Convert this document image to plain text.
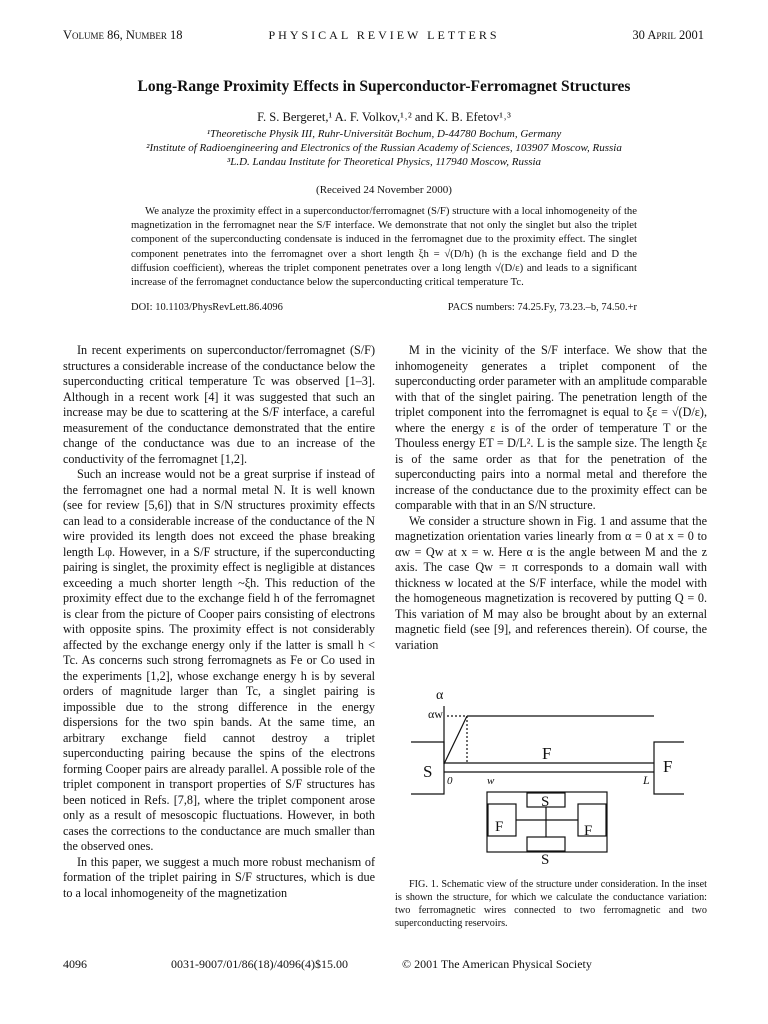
Volume 86, Number 18	PHYSICAL REVIEW LETTERS	30 April 2001
Long-Range Proximity Effects in Superconductor-Ferromagnet Structures
F. S. Bergeret,¹ A. F. Volkov,¹˒² and K. B. Efetov¹˒³
¹Theoretische Physik III, Ruhr-Universität Bochum, D-44780 Bochum, Germany
²Institute of Radioengineering and Electronics of the Russian Academy of Sciences, 103907 Moscow, Russia
³L.D. Landau Institute for Theoretical Physics, 117940 Moscow, Russia
(Received 24 November 2000)
We analyze the proximity effect in a superconductor/ferromagnet (S/F) structure with a local inhomogeneity of the magnetization in the ferromagnet near the S/F interface. We demonstrate that not only the singlet but also the triplet component of the superconducting condensate is induced in the ferromagnet due to the proximity effect. The singlet component penetrates into the ferromagnet over a short length ξh = √(D/h) (h is the exchange field and D the diffusion coefficient), whereas the triplet component penetrates over a long length √(D/ε) and leads to a significant increase of the ferromagnet conductance below the superconducting critical temperature Tc.
DOI: 10.1103/PhysRevLett.86.4096	PACS numbers: 74.25.Fy, 73.23.–b, 74.50.+r

In recent experiments on superconductor/ferromagnet (S/F) structures a considerable increase of the conductance below the superconducting critical temperature Tc was observed [1–3]. Although in a recent work [4] it was suggested that such an increase may be due to scattering at the S/F interface, a careful measurement of the conductance demonstrated that the entire change of the conductance was due to an increase of the conductivity of the ferromagnet [1,2].

Such an increase would not be a great surprise if instead of the ferromagnet one had a normal metal N. It is well known (see for review [5,6]) that in S/N structures proximity effects can lead to a considerable increase of the conductance of the N wire provided its length does not exceed the phase breaking length Lφ. However, in a S/F structure, if the superconducting pairing is singlet, the proximity effect is negligible at distances exceeding a much shorter length ~ξh. This reduction of the proximity effect due to the exchange field h of the ferromagnet is clear from the picture of Cooper pairs consisting of electrons with opposite spins. The proximity effect is not considerably affected by the exchange energy only if the latter is small h < Tc. As concerns such strong ferromagnets as Fe or Co used in the experiments [1,2], whose exchange energy h is by several orders of magnitude larger than Tc, a singlet pairing is impossible due to the strong difference in the energy dispersions for the two spin bands. At the same time, an arbitrary exchange field cannot destroy a triplet superconducting pairing because the spins of the electrons forming Cooper pairs are already parallel. A possible role of the triplet component in transport properties of S/F structures has been noticed in Refs. [7,8], where the triplet component arose only as a result of mesoscopic fluctuations. However, in both cases the corrections to the conductance are much smaller than the observed ones.

In this paper, we suggest a much more robust mechanism of formation of the triplet pairing in S/F structures, which is due to a local inhomogeneity of the magnetization

M in the vicinity of the S/F interface. We show that the inhomogeneity generates a triplet component of the superconducting order parameter with an amplitude comparable with that of the singlet pairing. The penetration length of the triplet component into the ferromagnet is equal to ξε = √(D/ε), where the energy ε is of the order of temperature T or the Thouless energy ET = D/L². L is the sample size. The length ξε is of the same order as that for the penetration of the superconducting pairs into a normal metal and therefore the increase of the conductance due to the proximity effect can be comparable with that in an S/N structure.

We consider a structure shown in Fig. 1 and assume that the magnetization orientation varies linearly from α = 0 at x = 0 to αw = Qw at x = w. Here α is the angle between M and the z axis. The case Qw = π corresponds to a domain wall with thickness w located at the S/F interface, while the model with the homogeneous magnetization is recovered by putting Q = 0. This variation of M may also be brought about by an external magnetic field (see [9], and references therein). Of course, the variation

α
αw
S
F
F
0	w	L
S
S
F	F
FIG. 1. Schematic view of the structure under consideration. In the inset is shown the structure, for which we calculate the conductance variation: two ferromagnetic wires connected to two ferromagnetic and two superconducting reservoirs.
4096	0031-9007/01/86(18)/4096(4)$15.00	© 2001 The American Physical Society
